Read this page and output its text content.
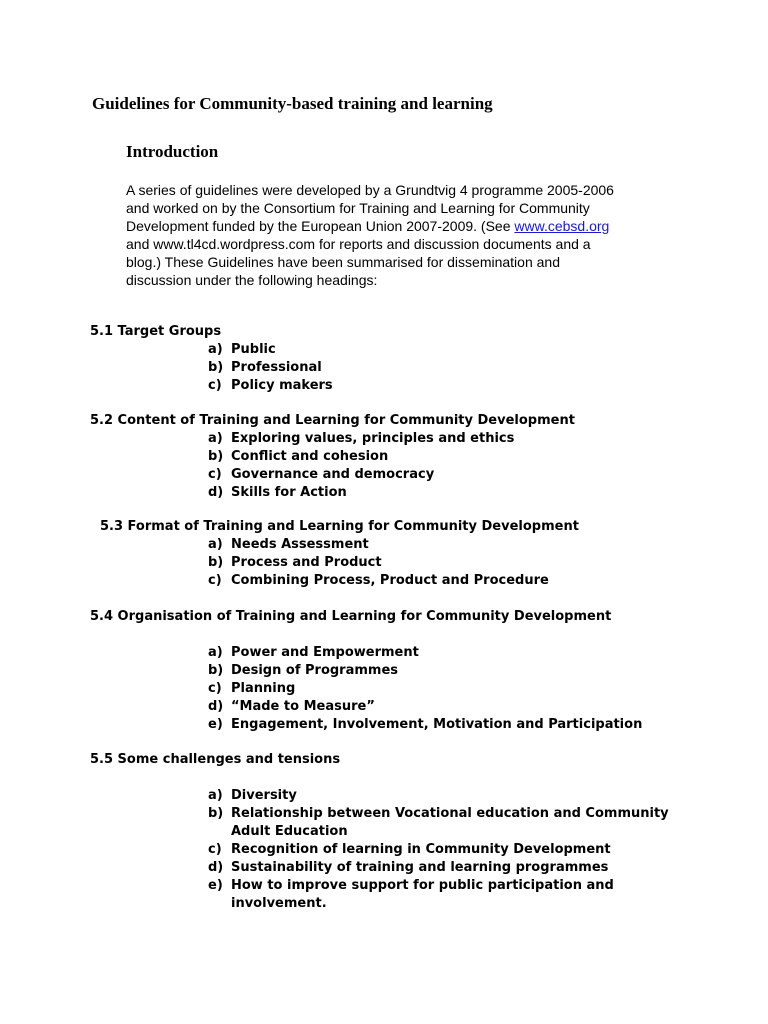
Guidelines for Community-based training and learning
Introduction
A series of guidelines were developed by a Grundtvig 4 programme 2005-2006
and worked on by the Consortium for Training and Learning for Community
Development funded by the European Union 2007-2009. (See www.cebsd.org
and www.tl4cd.wordpress.com for reports and discussion documents and a
blog.) These Guidelines have been summarised for dissemination and
discussion under the following headings:
5.1 Target Groups
a) Public
b) Professional
c) Policy makers
5.2 Content of Training and Learning for Community Development
a) Exploring values, principles and ethics
b) Conflict and cohesion
c) Governance and democracy
d) Skills for Action
5.3 Format of Training and Learning for Community Development
a) Needs Assessment
b) Process and Product
c) Combining Process, Product and Procedure
5.4 Organisation of Training and Learning for Community Development
a) Power and Empowerment
b) Design of Programmes
c) Planning
d) “Made to Measure”
e) Engagement, Involvement, Motivation and Participation
5.5 Some challenges and tensions
a) Diversity
b) Relationship between Vocational education and Community
Adult Education
c) Recognition of learning in Community Development
d) Sustainability of training and learning programmes
e) How to improve support for public participation and
involvement.
